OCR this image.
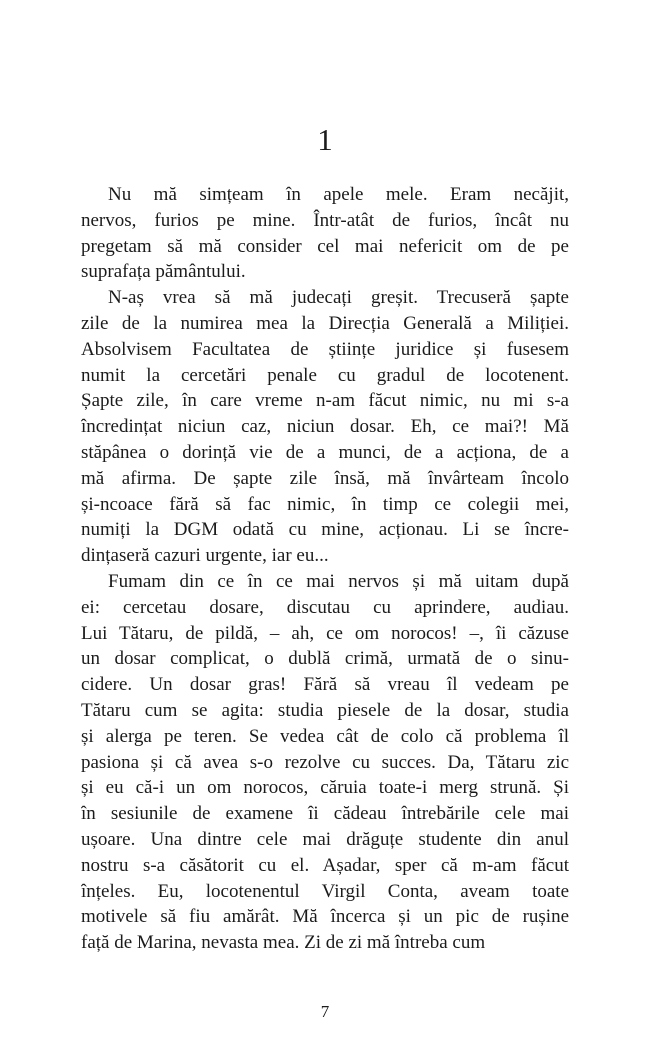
1
Nu mă simțeam în apele mele. Eram necăjit,
nervos, furios pe mine. Într-atât de furios, încât nu
pregetam să mă consider cel mai nefericit om de pe
suprafața pământului.
N-aș vrea să mă judecați greșit. Trecuseră șapte
zile de la numirea mea la Direcția Generală a Miliției.
Absolvisem Facultatea de științe juridice și fusesem
numit la cercetări penale cu gradul de locotenent.
Șapte zile, în care vreme n-am făcut nimic, nu mi s-a
încredințat niciun caz, niciun dosar. Eh, ce mai?! Mă
stăpânea o dorință vie de a munci, de a acționa, de a
mă afirma. De șapte zile însă, mă învârteam încolo
și-ncoace fără să fac nimic, în timp ce colegii mei,
numiți la DGM odată cu mine, acționau. Li se încre-
dințaseră cazuri urgente, iar eu...
Fumam din ce în ce mai nervos și mă uitam după
ei: cercetau dosare, discutau cu aprindere, audiau.
Lui Tătaru, de pildă, – ah, ce om norocos! –, îi căzuse
un dosar complicat, o dublă crimă, urmată de o sinu-
cidere. Un dosar gras! Fără să vreau îl vedeam pe
Tătaru cum se agita: studia piesele de la dosar, studia
și alerga pe teren. Se vedea cât de colo că problema îl
pasiona și că avea s-o rezolve cu succes. Da, Tătaru zic
și eu că-i un om norocos, căruia toate-i merg strună. Și
în sesiunile de examene îi cădeau întrebările cele mai
ușoare. Una dintre cele mai drăguțe studente din anul
nostru s-a căsătorit cu el. Așadar, sper că m-am făcut
înțeles. Eu, locotenentul Virgil Conta, aveam toate
motivele să fiu amărât. Mă încerca și un pic de rușine
față de Marina, nevasta mea. Zi de zi mă întreba cum
7
